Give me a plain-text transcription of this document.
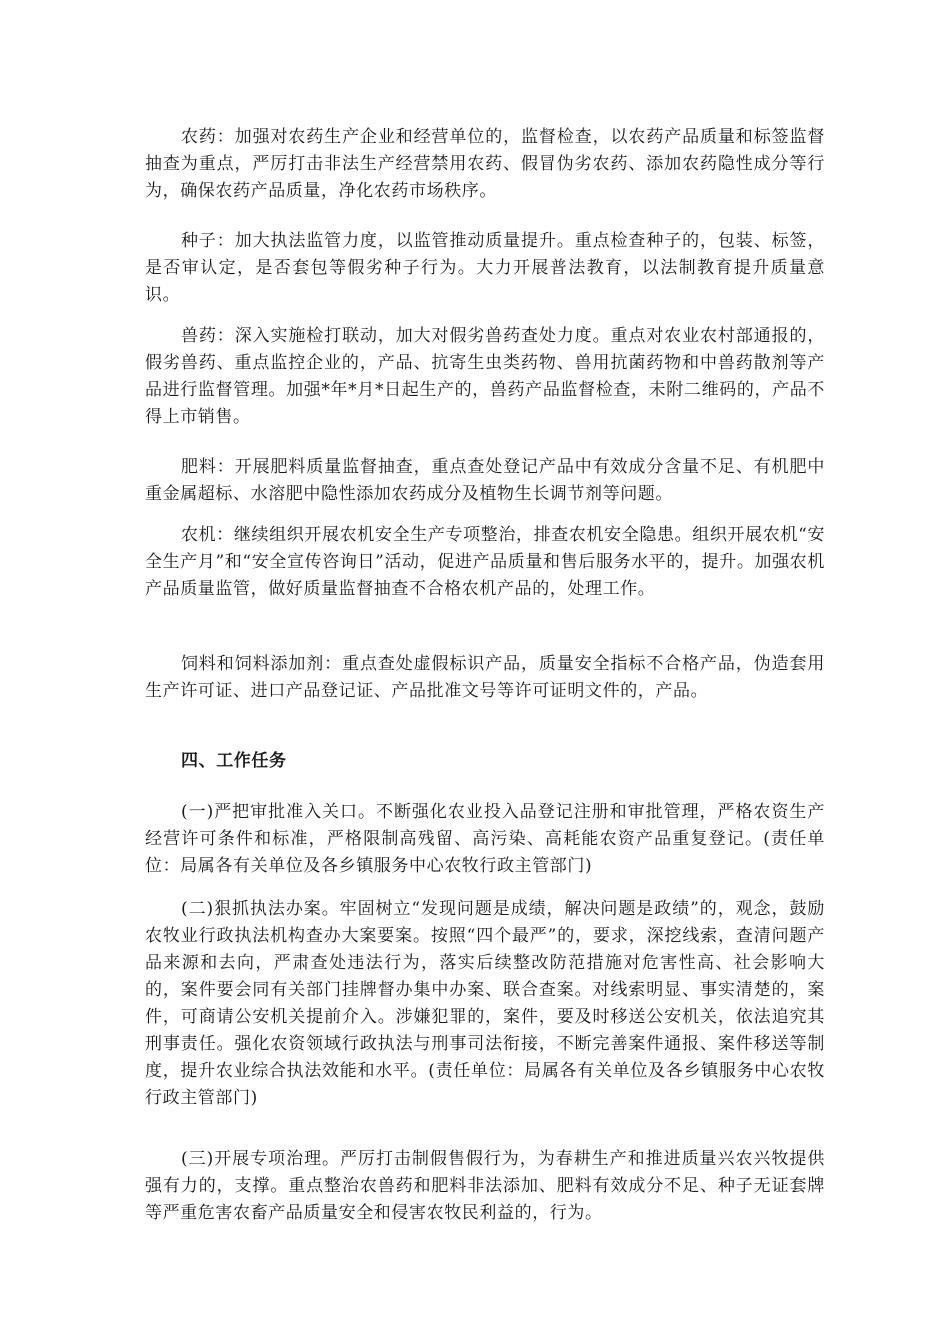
农药：加强对农药生产企业和经营单位的，监督检查，以农药产品质量和标签监督抽查为重点，严厉打击非法生产经营禁用农药、假冒伪劣农药、添加农药隐性成分等行为，确保农药产品质量，净化农药市场秩序。

种子：加大执法监管力度，以监管推动质量提升。重点检查种子的，包装、标签，是否审认定，是否套包等假劣种子行为。大力开展普法教育，以法制教育提升质量意识。

兽药：深入实施检打联动，加大对假劣兽药查处力度。重点对农业农村部通报的，假劣兽药、重点监控企业的，产品、抗寄生虫类药物、兽用抗菌药物和中兽药散剂等产品进行监督管理。加强*年*月*日起生产的，兽药产品监督检查，未附二维码的，产品不得上市销售。

肥料：开展肥料质量监督抽查，重点查处登记产品中有效成分含量不足、有机肥中重金属超标、水溶肥中隐性添加农药成分及植物生长调节剂等问题。

农机：继续组织开展农机安全生产专项整治，排查农机安全隐患。组织开展农机“安全生产月”和“安全宣传咨询日”活动，促进产品质量和售后服务水平的，提升。加强农机产品质量监管，做好质量监督抽查不合格农机产品的，处理工作。

饲料和饲料添加剂：重点查处虚假标识产品，质量安全指标不合格产品，伪造套用生产许可证、进口产品登记证、产品批准文号等许可证明文件的，产品。

四、工作任务

(一)严把审批准入关口。不断强化农业投入品登记注册和审批管理，严格农资生产经营许可条件和标准，严格限制高残留、高污染、高耗能农资产品重复登记。(责任单位：局属各有关单位及各乡镇服务中心农牧行政主管部门)

(二)狠抓执法办案。牢固树立“发现问题是成绩，解决问题是政绩”的，观念，鼓励农牧业行政执法机构查办大案要案。按照“四个最严”的，要求，深挖线索，查清问题产品来源和去向，严肃查处违法行为，落实后续整改防范措施对危害性高、社会影响大的，案件要会同有关部门挂牌督办集中办案、联合查案。对线索明显、事实清楚的，案件，可商请公安机关提前介入。涉嫌犯罪的，案件，要及时移送公安机关，依法追究其刑事责任。强化农资领域行政执法与刑事司法衔接，不断完善案件通报、案件移送等制度，提升农业综合执法效能和水平。(责任单位：局属各有关单位及各乡镇服务中心农牧行政主管部门)

(三)开展专项治理。严厉打击制假售假行为，为春耕生产和推进质量兴农兴牧提供强有力的，支撑。重点整治农兽药和肥料非法添加、肥料有效成分不足、种子无证套牌等严重危害农畜产品质量安全和侵害农牧民利益的，行为。
